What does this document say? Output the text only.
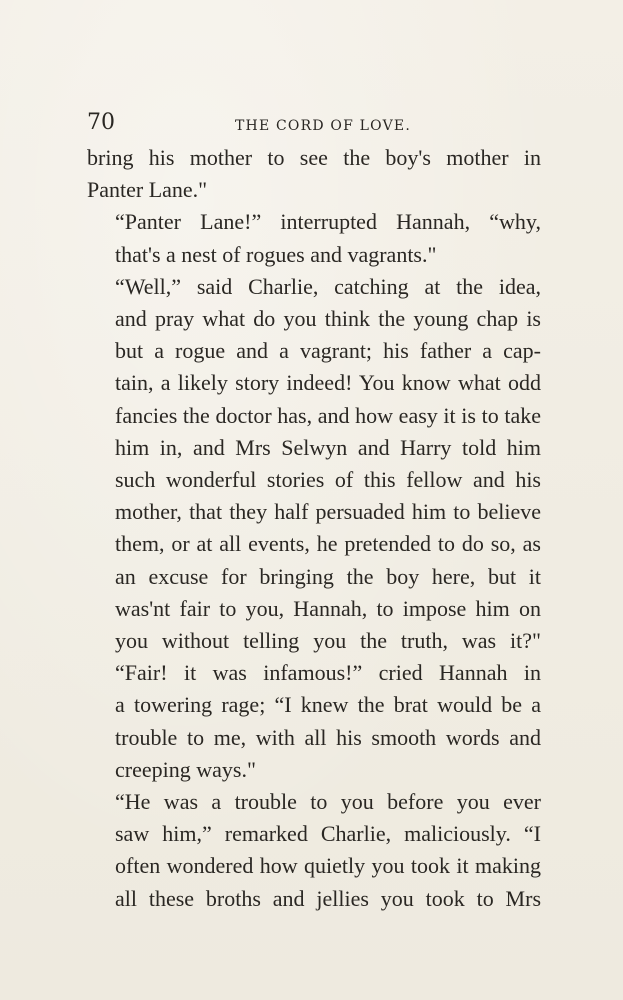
70	THE CORD OF LOVE.

bring his mother to see the boy's mother in
Panter Lane."

“Panter Lane!” interrupted Hannah, “why,
that's a nest of rogues and vagrants."

“Well,” said Charlie, catching at the idea,
and pray what do you think the young chap is
but a rogue and a vagrant; his father a cap-
tain, a likely story indeed! You know what odd
fancies the doctor has, and how easy it is to take
him in, and Mrs Selwyn and Harry told him
such wonderful stories of this fellow and his
mother, that they half persuaded him to believe
them, or at all events, he pretended to do so, as
an excuse for bringing the boy here, but it
was'nt fair to you, Hannah, to impose him on
you without telling you the truth, was it?"

“Fair! it was infamous!” cried Hannah in
a towering rage; “I knew the brat would be a
trouble to me, with all his smooth words and
creeping ways."

“He was a trouble to you before you ever
saw him,” remarked Charlie, maliciously. “I
often wondered how quietly you took it making
all these broths and jellies you took to Mrs
